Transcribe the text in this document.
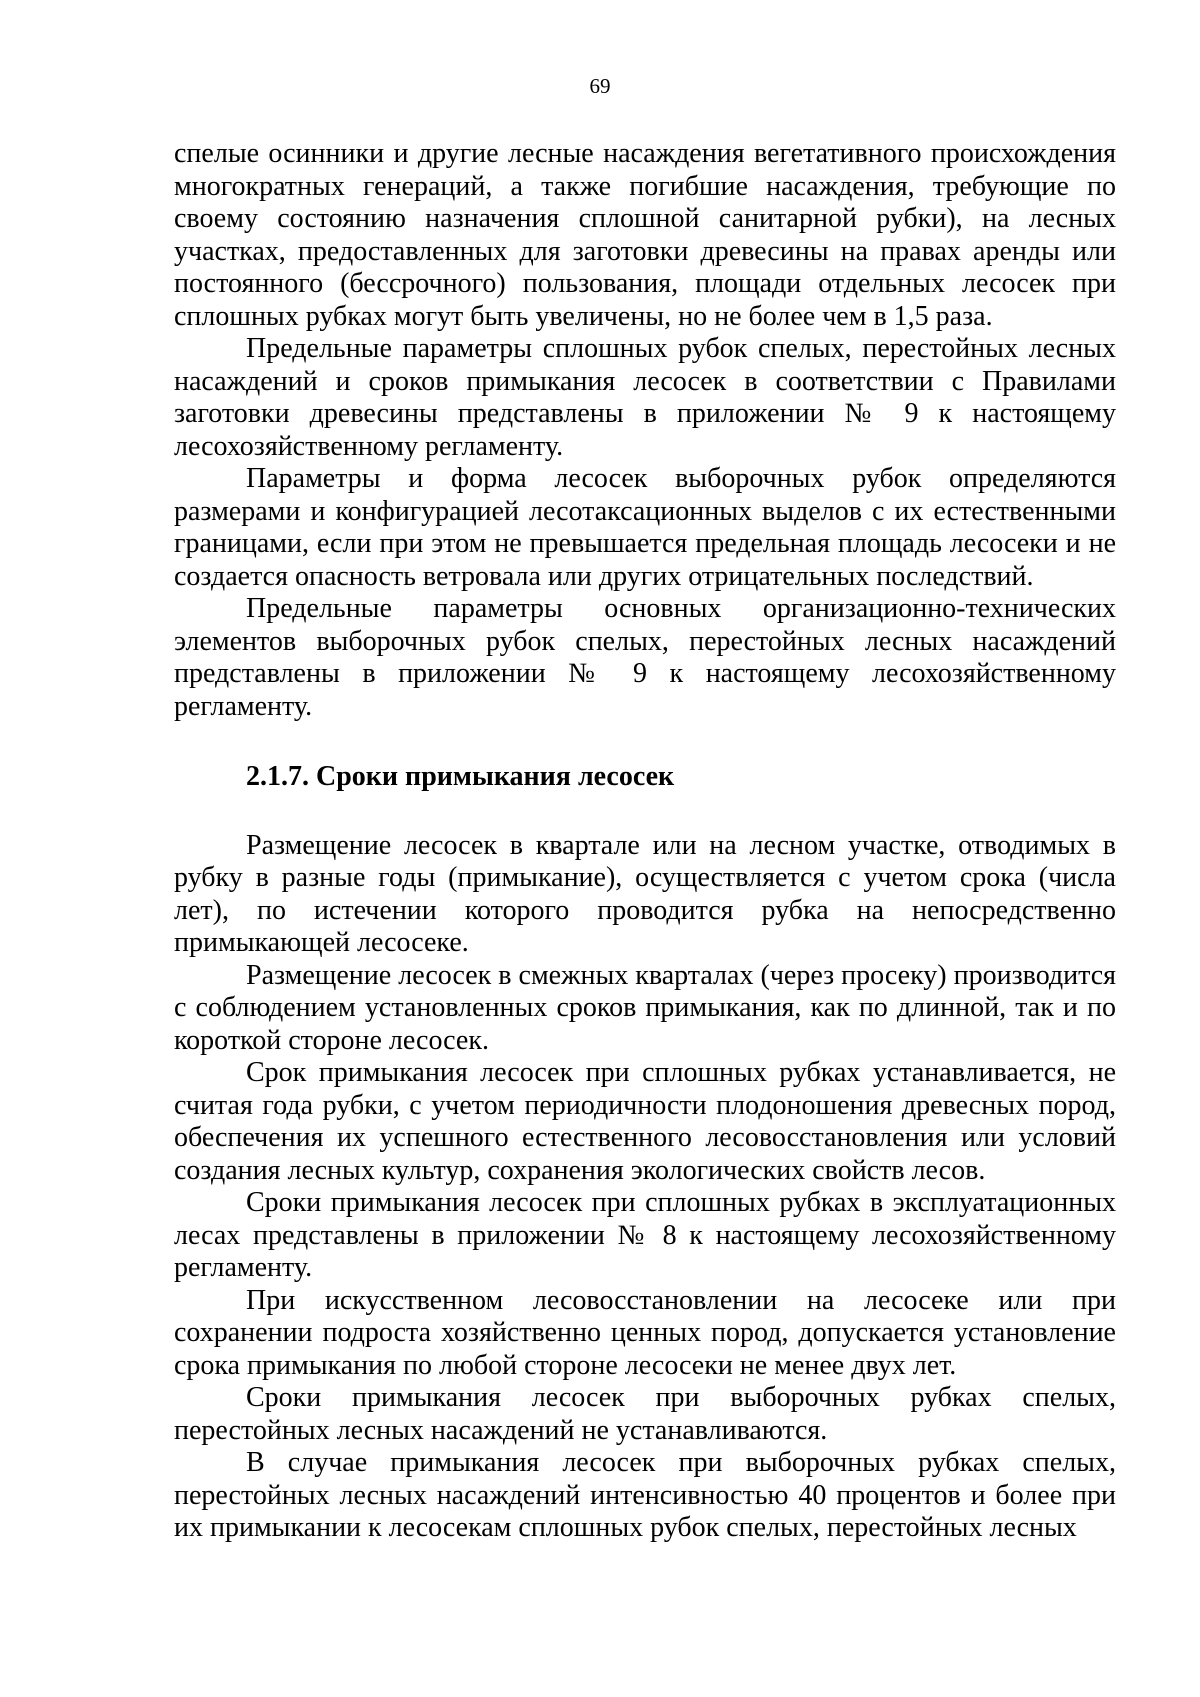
69

спелые осинники и другие лесные насаждения вегетативного происхождения многократных генераций, а также погибшие насаждения, требующие по своему состоянию назначения сплошной санитарной рубки), на лесных участках, предоставленных для заготовки древесины на правах аренды или постоянного (бессрочного) пользования, площади отдельных лесосек при сплошных рубках могут быть увеличены, но не более чем в 1,5 раза.

Предельные параметры сплошных рубок спелых, перестойных лесных насаждений и сроков примыкания лесосек в соответствии с Правилами заготовки древесины представлены в приложении № 9 к настоящему лесохозяйственному регламенту.

Параметры и форма лесосек выборочных рубок определяются размерами и конфигурацией лесотаксационных выделов с их естественными границами, если при этом не превышается предельная площадь лесосеки и не создается опасность ветровала или других отрицательных последствий.

Предельные параметры основных организационно-технических элементов выборочных рубок спелых, перестойных лесных насаждений представлены в приложении № 9 к настоящему лесохозяйственному регламенту.

2.1.7. Сроки примыкания лесосек

Размещение лесосек в квартале или на лесном участке, отводимых в рубку в разные годы (примыкание), осуществляется с учетом срока (числа лет), по истечении которого проводится рубка на непосредственно примыкающей лесосеке.

Размещение лесосек в смежных кварталах (через просеку) производится с соблюдением установленных сроков примыкания, как по длинной, так и по короткой стороне лесосек.

Срок примыкания лесосек при сплошных рубках устанавливается, не считая года рубки, с учетом периодичности плодоношения древесных пород, обеспечения их успешного естественного лесовосстановления или условий создания лесных культур, сохранения экологических свойств лесов.

Сроки примыкания лесосек при сплошных рубках в эксплуатационных лесах представлены в приложении № 8 к настоящему лесохозяйственному регламенту.

При искусственном лесовосстановлении на лесосеке или при сохранении подроста хозяйственно ценных пород, допускается установление срока примыкания по любой стороне лесосеки не менее двух лет.

Сроки примыкания лесосек при выборочных рубках спелых, перестойных лесных насаждений не устанавливаются.

В случае примыкания лесосек при выборочных рубках спелых, перестойных лесных насаждений интенсивностью 40 процентов и более при их примыкании к лесосекам сплошных рубок спелых, перестойных лесных
